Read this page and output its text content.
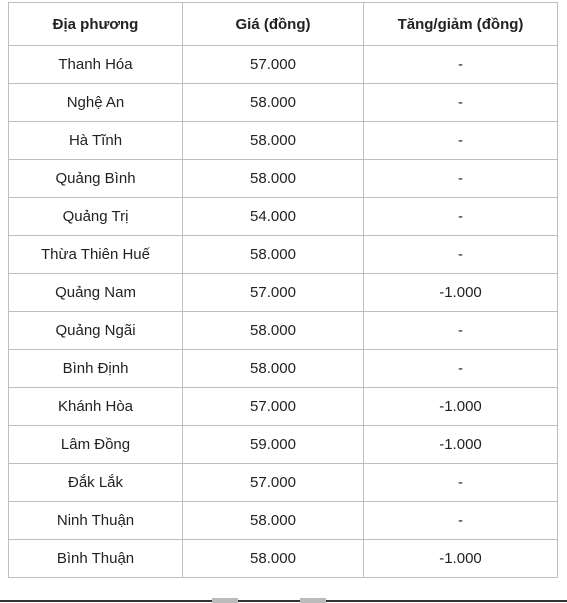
Địa phương	Giá (đồng)	Tăng/giảm (đồng)
Thanh Hóa	57.000	-
Nghệ An	58.000	-
Hà Tĩnh	58.000	-
Quảng Bình	58.000	-
Quảng Trị	54.000	-
Thừa Thiên Huế	58.000	-
Quảng Nam	57.000	-1.000
Quảng Ngãi	58.000	-
Bình Định	58.000	-
Khánh Hòa	57.000	-1.000
Lâm Đồng	59.000	-1.000
Đắk Lắk	57.000	-
Ninh Thuận	58.000	-
Bình Thuận	58.000	-1.000
